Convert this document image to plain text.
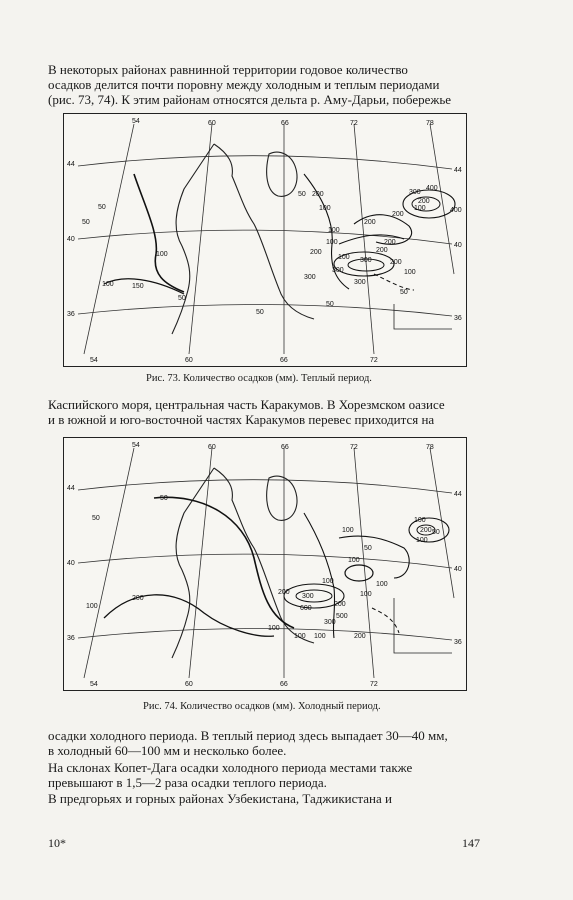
В некоторых районах равнинной территории годовое количество
осадков делится почти поровну между холодным и теплым периодами
(рис. 73, 74). К этим районам относятся дельта р. Аму-Дарьи, побережье

54	60	66	72	78
54	60	66	72
44
40
36
44
40
36
50
100	150
50
50
50 200
200
100
300
100
200
300
200
400
300
200
100	400
200
100
200
300
300
200
100
100
50
50
100
50
Рис. 73. Количество осадков (мм). Теплый период.

Каспийского моря, центральная часть Каракумов. В Хорезмском оазисе
и в южной и юго-восточной частях Каракумов перевес приходится на

54	60	66	72	78
54	60	66	72
44
40
36
44
40
36
50
50
100
100
100
200
200
100
100
100
100
200
300
500
600
300
100
200
100
200
100
50
50
100
Рис. 74. Количество осадков (мм). Холодный период.

осадки холодного периода. В теплый период здесь выпадает 30—40 мм,
в холодный 60—100 мм и несколько более.

На склонах Копет-Дага осадки холодного периода местами также
превышают в 1,5—2 раза осадки теплого периода.

В предгорьях и горных районах Узбекистана, Таджикистана и

10*	147
